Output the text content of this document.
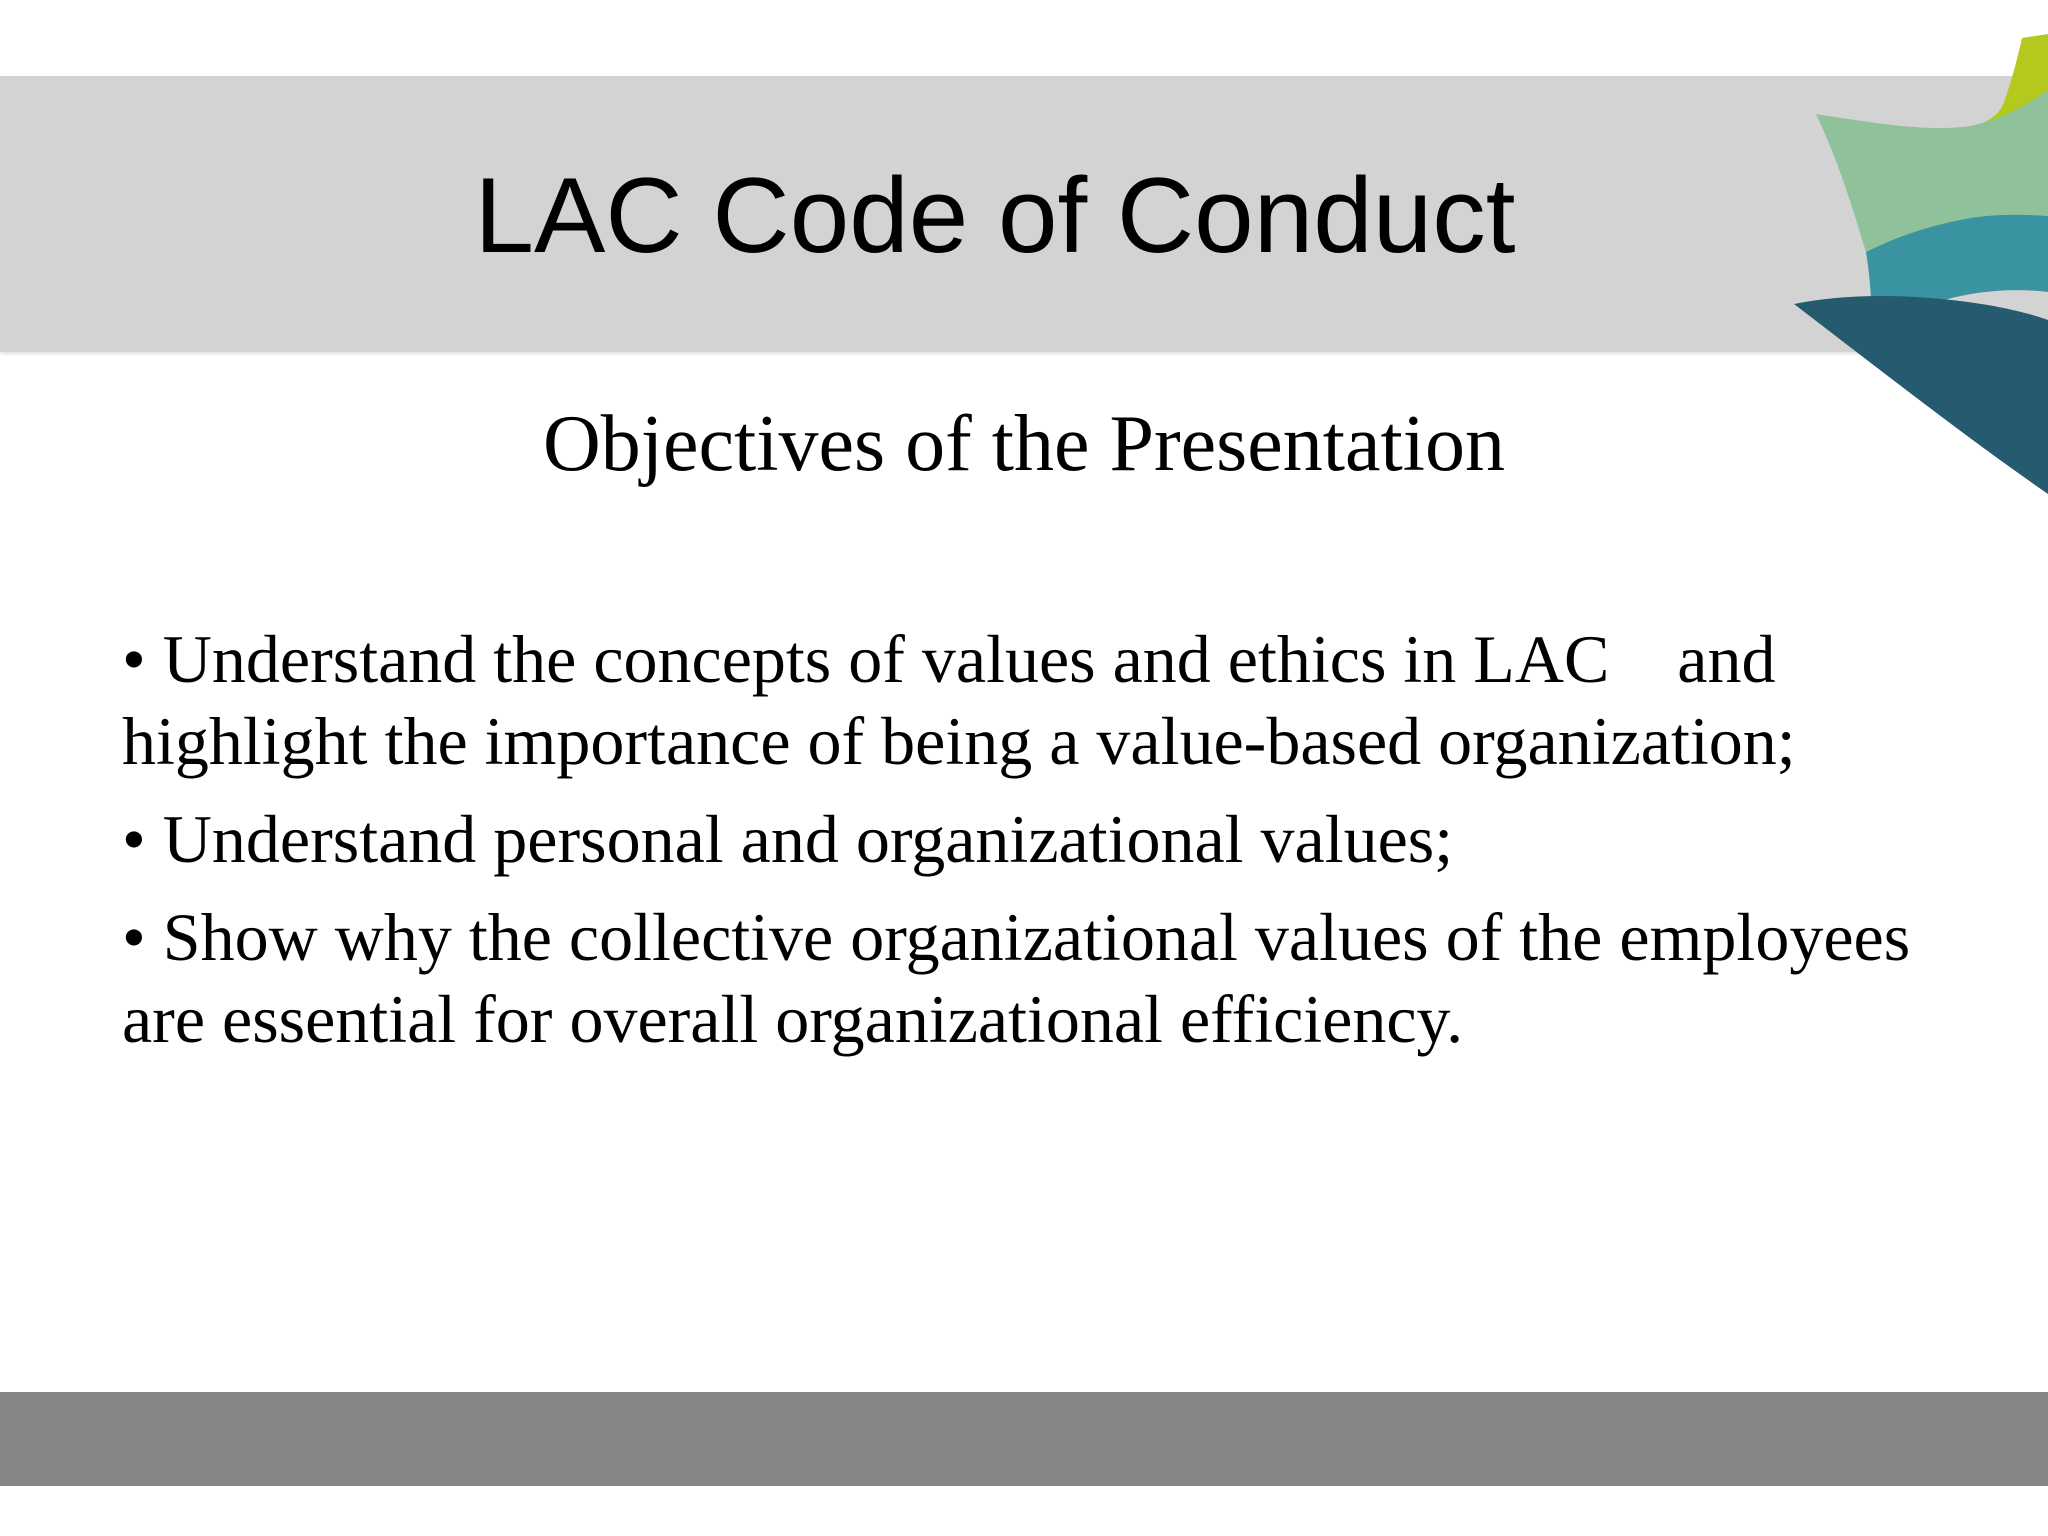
LAC Code of Conduct
Objectives of the Presentation
• Understand the concepts of values and ethics in LAC    and highlight the importance of being a value-based organization;
• Understand personal and organizational values;
• Show why the collective organizational values of the employees are essential for overall organizational efficiency.
